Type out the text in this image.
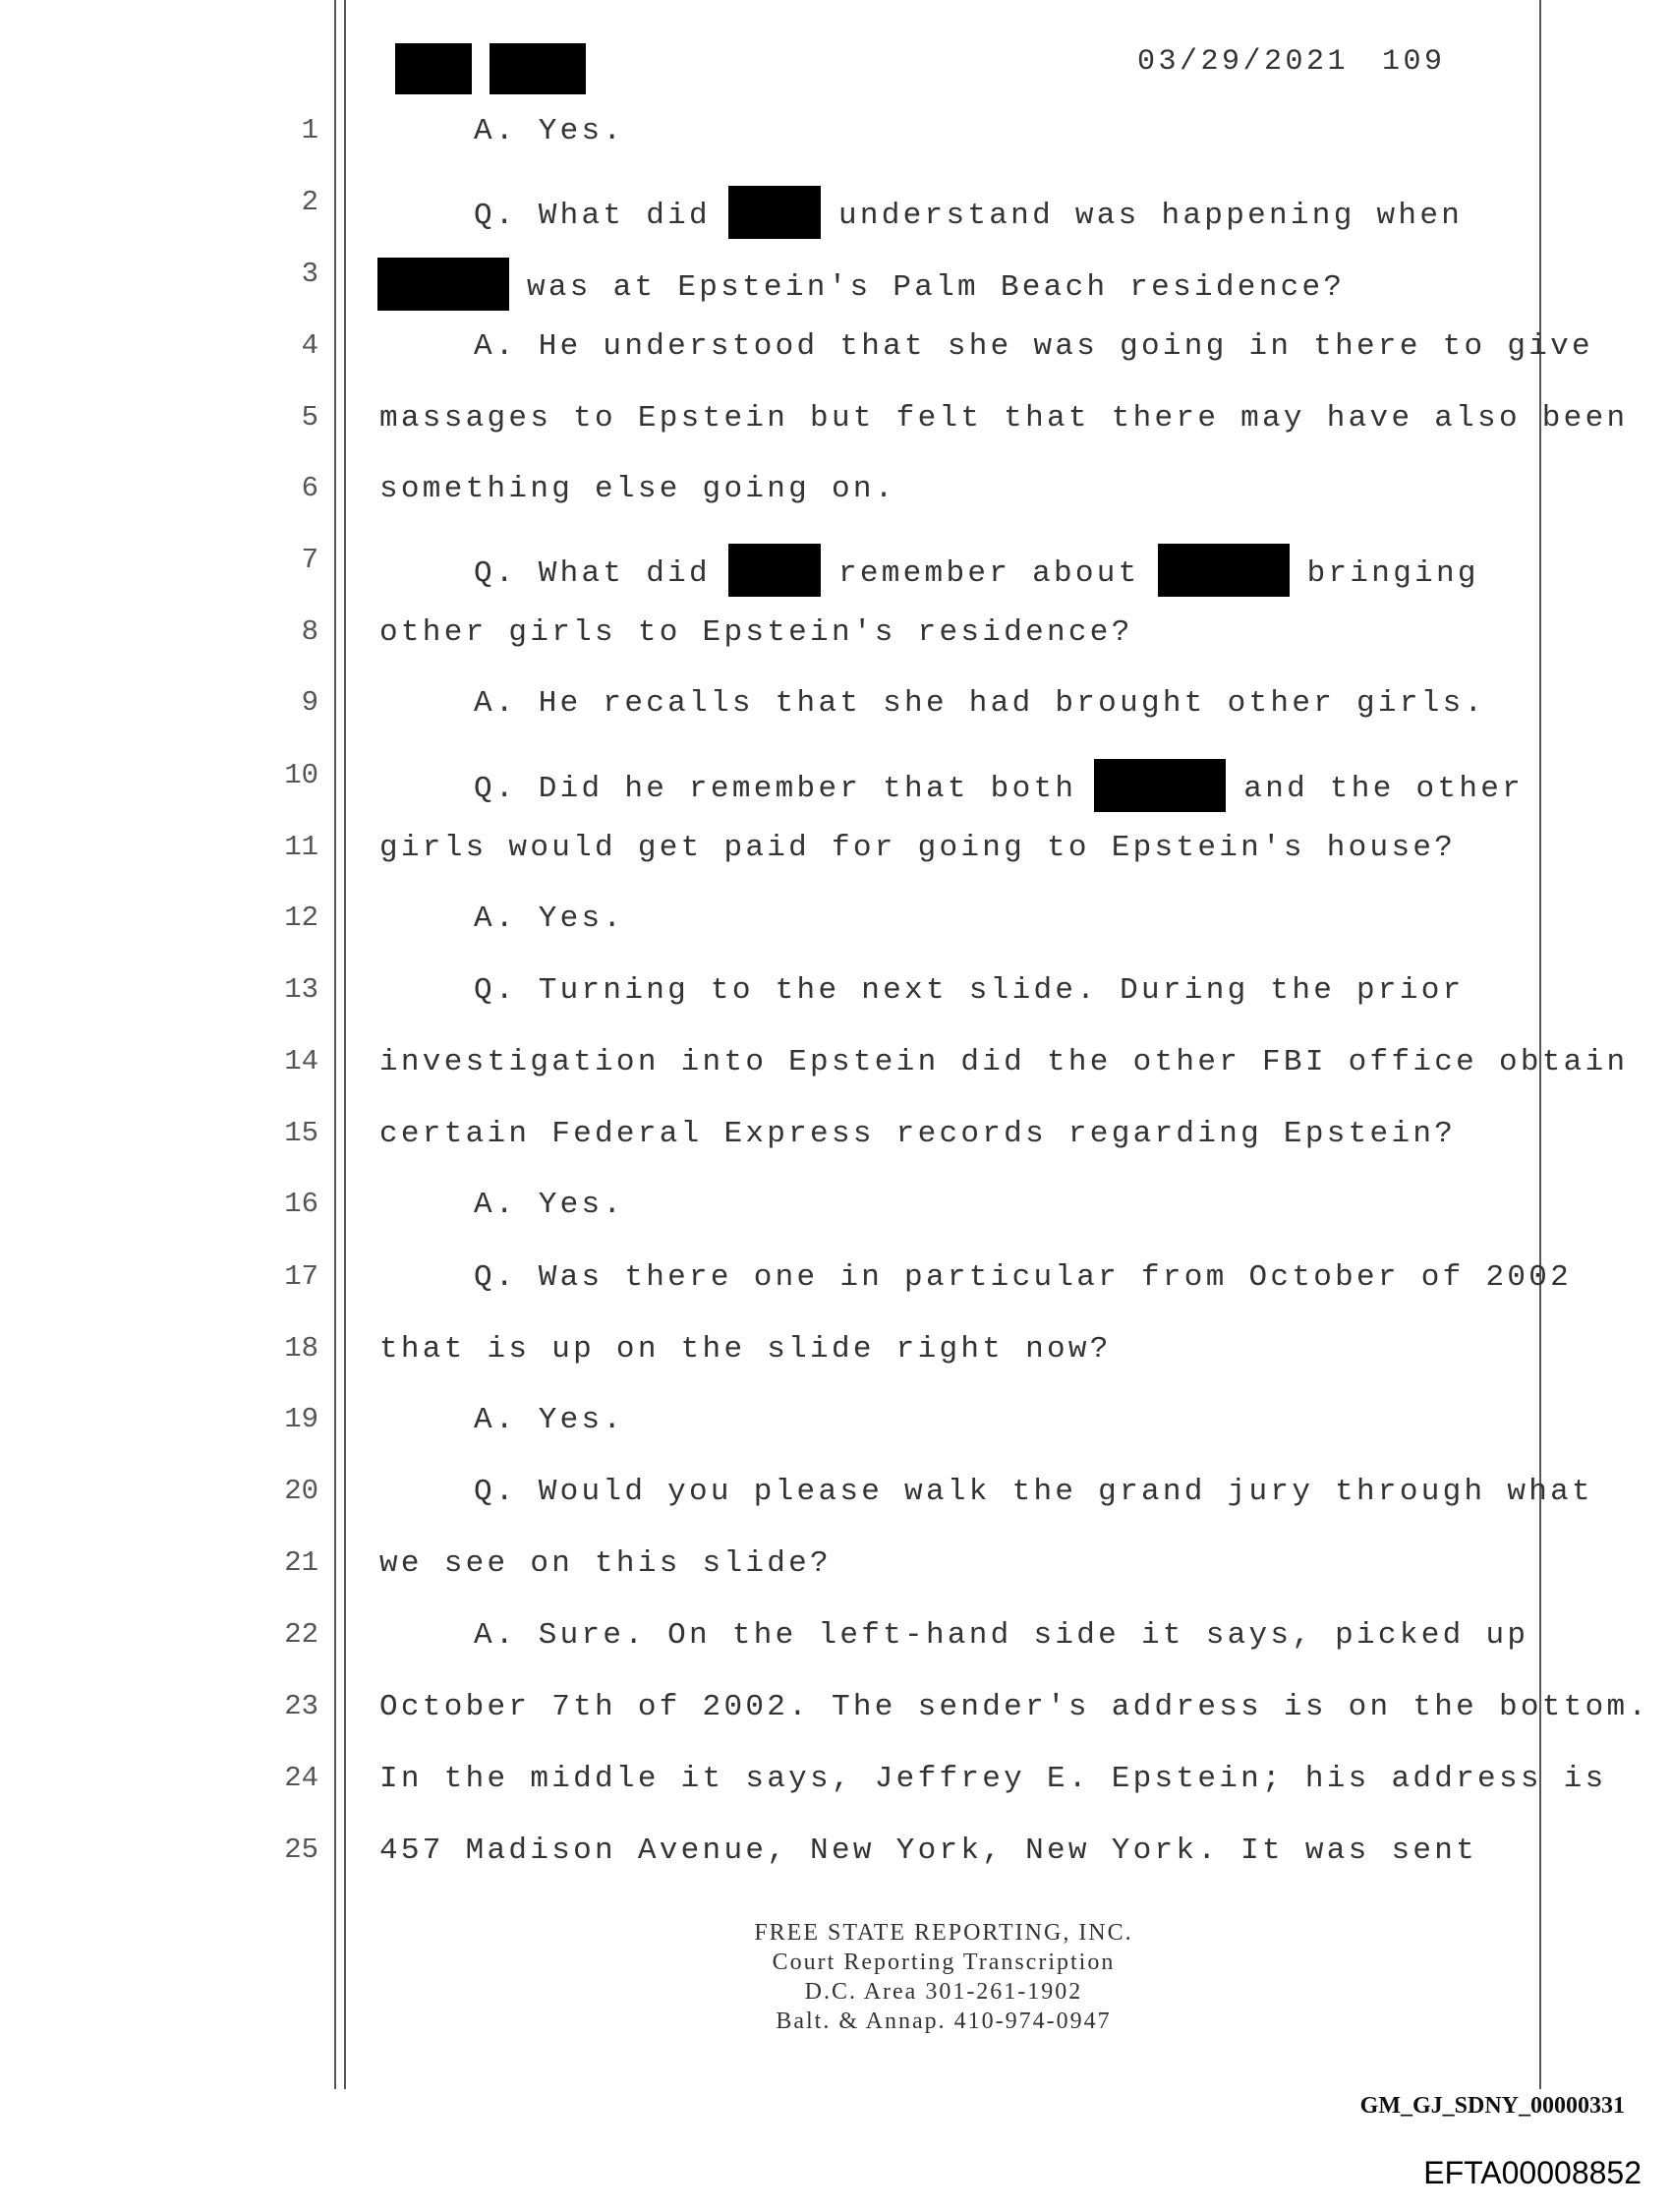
03/29/2021 109
1	A. Yes.
2	Q. What did	understand was happening when
3	was at Epstein's Palm Beach residence?
4	A. He understood that she was going in there to give
5 massages to Epstein but felt that there may have also been
6 something else going on.
7	Q. What did	remember about	bringing
8 other girls to Epstein's residence?
9	A. He recalls that she had brought other girls.
10	Q. Did he remember that both	and the other
11 girls would get paid for going to Epstein's house?
12	A. Yes.
13	Q. Turning to the next slide. During the prior
14 investigation into Epstein did the other FBI office obtain
15 certain Federal Express records regarding Epstein?
16	A. Yes.
17	Q. Was there one in particular from October of 2002
18 that is up on the slide right now?
19	A. Yes.
20	Q. Would you please walk the grand jury through what
21 we see on this slide?
22	A. Sure. On the left-hand side it says, picked up
23 October 7th of 2002. The sender's address is on the bottom.
24 In the middle it says, Jeffrey E. Epstein; his address is
25 457 Madison Avenue, New York, New York. It was sent
FREE STATE REPORTING, INC.
Court Reporting Transcription
D.C. Area 301-261-1902
Balt. & Annap. 410-974-0947
GM_GJ_SDNY_00000331
EFTA00008852
